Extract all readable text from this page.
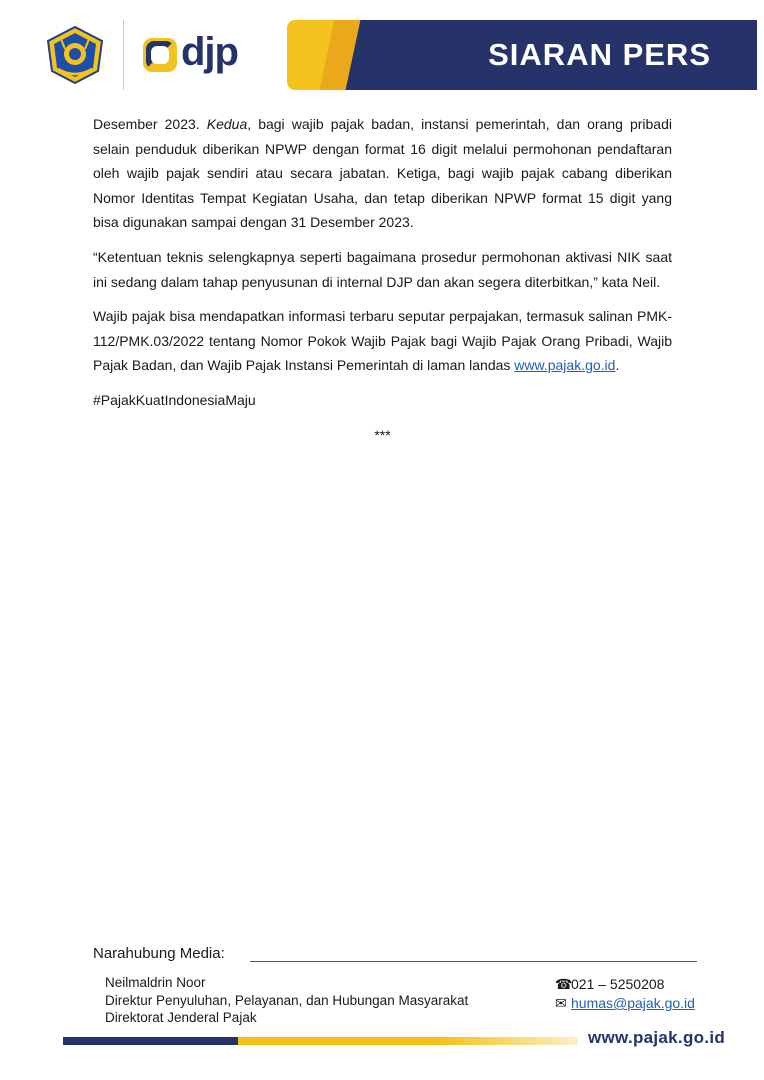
djp	SIARAN PERS

Desember 2023. Kedua, bagi wajib pajak badan, instansi pemerintah, dan orang pribadi selain penduduk diberikan NPWP dengan format 16 digit melalui permohonan pendaftaran oleh wajib pajak sendiri atau secara jabatan. Ketiga, bagi wajib pajak cabang diberikan Nomor Identitas Tempat Kegiatan Usaha, dan tetap diberikan NPWP format 15 digit yang bisa digunakan sampai dengan 31 Desember 2023.

“Ketentuan teknis selengkapnya seperti bagaimana prosedur permohonan aktivasi NIK saat ini sedang dalam tahap penyusunan di internal DJP dan akan segera diterbitkan,” kata Neil.

Wajib pajak bisa mendapatkan informasi terbaru seputar perpajakan, termasuk salinan PMK-112/PMK.03/2022 tentang Nomor Pokok Wajib Pajak bagi Wajib Pajak Orang Pribadi, Wajib Pajak Badan, dan Wajib Pajak Instansi Pemerintah di laman landas www.pajak.go.id.

#PajakKuatIndonesiaMaju

***

Narahubung Media:
Neilmaldrin Noor
Direktur Penyuluhan, Pelayanan, dan Hubungan Masyarakat
Direktorat Jenderal Pajak
☎021 – 5250208
✉ humas@pajak.go.id
www.pajak.go.id
